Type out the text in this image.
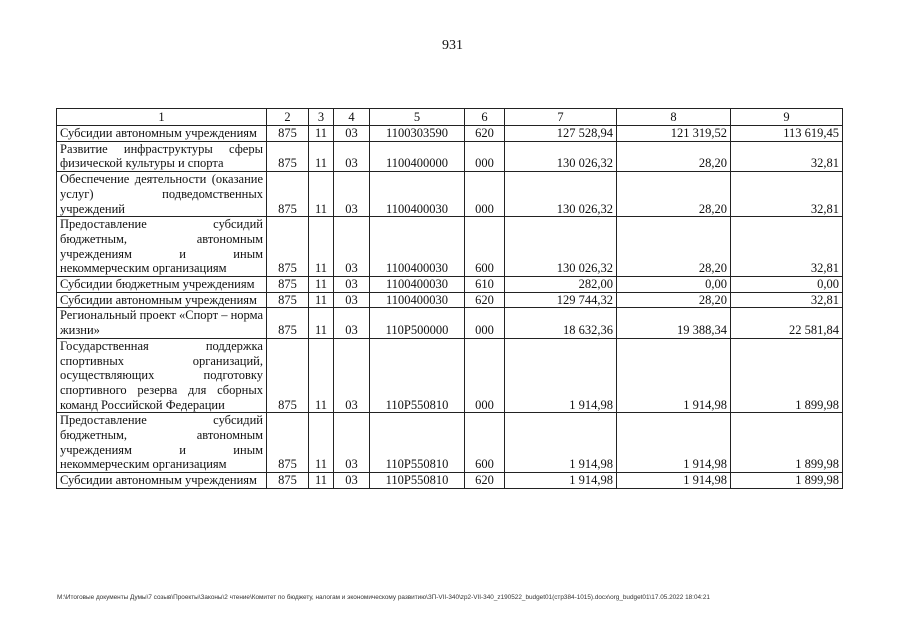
931
1	2	3	4	5	6	7	8	9
Субсидии автономным учреждениям	875	11	03	1100303590	620	127 528,94	121 319,52	113 619,45
Развитие инфраструктуры сферы физической культуры и спорта	875	11	03	1100400000	000	130 026,32	28,20	32,81
Обеспечение деятельности (оказание услуг) подведомственных учреждений	875	11	03	1100400030	000	130 026,32	28,20	32,81
Предоставление субсидий бюджетным, автономным учреждениям и иным некоммерческим организациям	875	11	03	1100400030	600	130 026,32	28,20	32,81
Субсидии бюджетным учреждениям	875	11	03	1100400030	610	282,00	0,00	0,00
Субсидии автономным учреждениям	875	11	03	1100400030	620	129 744,32	28,20	32,81
Региональный проект «Спорт – норма жизни»	875	11	03	110P500000	000	18 632,36	19 388,34	22 581,84
Государственная поддержка спортивных организаций, осуществляющих подготовку спортивного резерва для сборных команд Российской Федерации	875	11	03	110P550810	000	1 914,98	1 914,98	1 899,98
Предоставление субсидий бюджетным, автономным учреждениям и иным некоммерческим организациям	875	11	03	110P550810	600	1 914,98	1 914,98	1 899,98
Субсидии автономным учреждениям	875	11	03	110P550810	620	1 914,98	1 914,98	1 899,98
M:\Итоговые документы Думы\7 созыв\Проекты\Законы\2 чтение\Комитет по бюджету, налогам и экономическому развитию\ЗП-VII-340\zp2-VII-340_z190522_budget01(стр384-1015).docx\org_budget01\17.05.2022 18:04:21
